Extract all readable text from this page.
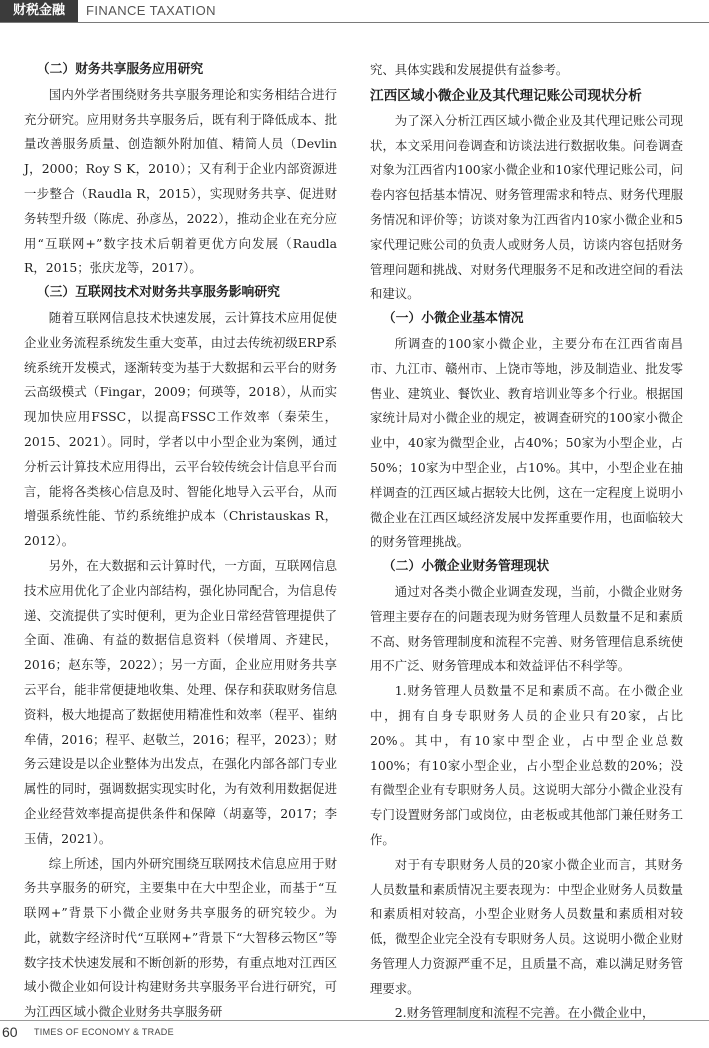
财税金融	FINANCE TAXATION

（二）财务共享服务应用研究

国内外学者围绕财务共享服务理论和实务相结合进行充分研究。应用财务共享服务后，既有利于降低成本、批量改善服务质量、创造额外附加值、精简人员（Devlin J，2000；Roy S K，2010）；又有利于企业内部资源进一步整合（Raudla R，2015），实现财务共享、促进财务转型升级（陈虎、孙彦丛，2022），推动企业在充分应用“互联网+”数字技术后朝着更优方向发展（Raudla R，2015；张庆龙等，2017）。

（三）互联网技术对财务共享服务影响研究

随着互联网信息技术快速发展，云计算技术应用促使企业业务流程系统发生重大变革，由过去传统初级ERP系统系统开发模式，逐渐转变为基于大数据和云平台的财务云高级模式（Fingar，2009；何瑛等，2018），从而实现加快应用FSSC，以提高FSSC工作效率（秦荣生，2015、2021）。同时，学者以中小型企业为案例，通过分析云计算技术应用得出，云平台较传统会计信息平台而言，能将各类核心信息及时、智能化地导入云平台，从而增强系统性能、节约系统维护成本（Christauskas R，2012）。

另外，在大数据和云计算时代，一方面，互联网信息技术应用优化了企业内部结构，强化协同配合，为信息传递、交流提供了实时便利，更为企业日常经营管理提供了全面、准确、有益的数据信息资料（侯增周、齐建民，2016；赵东等，2022）；另一方面，企业应用财务共享云平台，能非常便捷地收集、处理、保存和获取财务信息资料，极大地提高了数据使用精准性和效率（程平、崔纳牟倩，2016；程平、赵敬兰，2016；程平，2023）；财务云建设是以企业整体为出发点，在强化内部各部门专业属性的同时，强调数据实现实时化，为有效利用数据促进企业经营效率提高提供条件和保障（胡嘉等，2017；李玉倩，2021）。

综上所述，国内外研究围绕互联网技术信息应用于财务共享服务的研究，主要集中在大中型企业，而基于“互联网+”背景下小微企业财务共享服务的研究较少。为此，就数字经济时代“互联网+”背景下“大智移云物区”等数字技术快速发展和不断创新的形势，有重点地对江西区域小微企业如何设计构建财务共享服务平台进行研究，可为江西区域小微企业财务共享服务研

究、具体实践和发展提供有益参考。

江西区域小微企业及其代理记账公司现状分析

为了深入分析江西区域小微企业及其代理记账公司现状，本文采用问卷调查和访谈法进行数据收集。问卷调查对象为江西省内100家小微企业和10家代理记账公司，问卷内容包括基本情况、财务管理需求和特点、财务代理服务情况和评价等；访谈对象为江西省内10家小微企业和5家代理记账公司的负责人或财务人员，访谈内容包括财务管理问题和挑战、对财务代理服务不足和改进空间的看法和建议。

（一）小微企业基本情况

所调查的100家小微企业，主要分布在江西省南昌市、九江市、赣州市、上饶市等地，涉及制造业、批发零售业、建筑业、餐饮业、教育培训业等多个行业。根据国家统计局对小微企业的规定，被调查研究的100家小微企业中，40家为微型企业，占40%；50家为小型企业，占50%；10家为中型企业，占10%。其中，小型企业在抽样调查的江西区域占据较大比例，这在一定程度上说明小微企业在江西区域经济发展中发挥重要作用，也面临较大的财务管理挑战。

（二）小微企业财务管理现状

通过对各类小微企业调查发现，当前，小微企业财务管理主要存在的问题表现为财务管理人员数量不足和素质不高、财务管理制度和流程不完善、财务管理信息系统使用不广泛、财务管理成本和效益评估不科学等。

1.财务管理人员数量不足和素质不高。在小微企业中，拥有自身专职财务人员的企业只有20家，占比20%。其中，有10家中型企业，占中型企业总数100%；有10家小型企业，占小型企业总数的20%；没有微型企业有专职财务人员。这说明大部分小微企业没有专门设置财务部门或岗位，由老板或其他部门兼任财务工作。

对于有专职财务人员的20家小微企业而言，其财务人员数量和素质情况主要表现为：中型企业财务人员数量和素质相对较高，小型企业财务人员数量和素质相对较低，微型企业完全没有专职财务人员。这说明小微企业财务管理人力资源严重不足，且质量不高，难以满足财务管理要求。

2.财务管理制度和流程不完善。在小微企业中，

60 TIMES OF ECONOMY & TRADE
